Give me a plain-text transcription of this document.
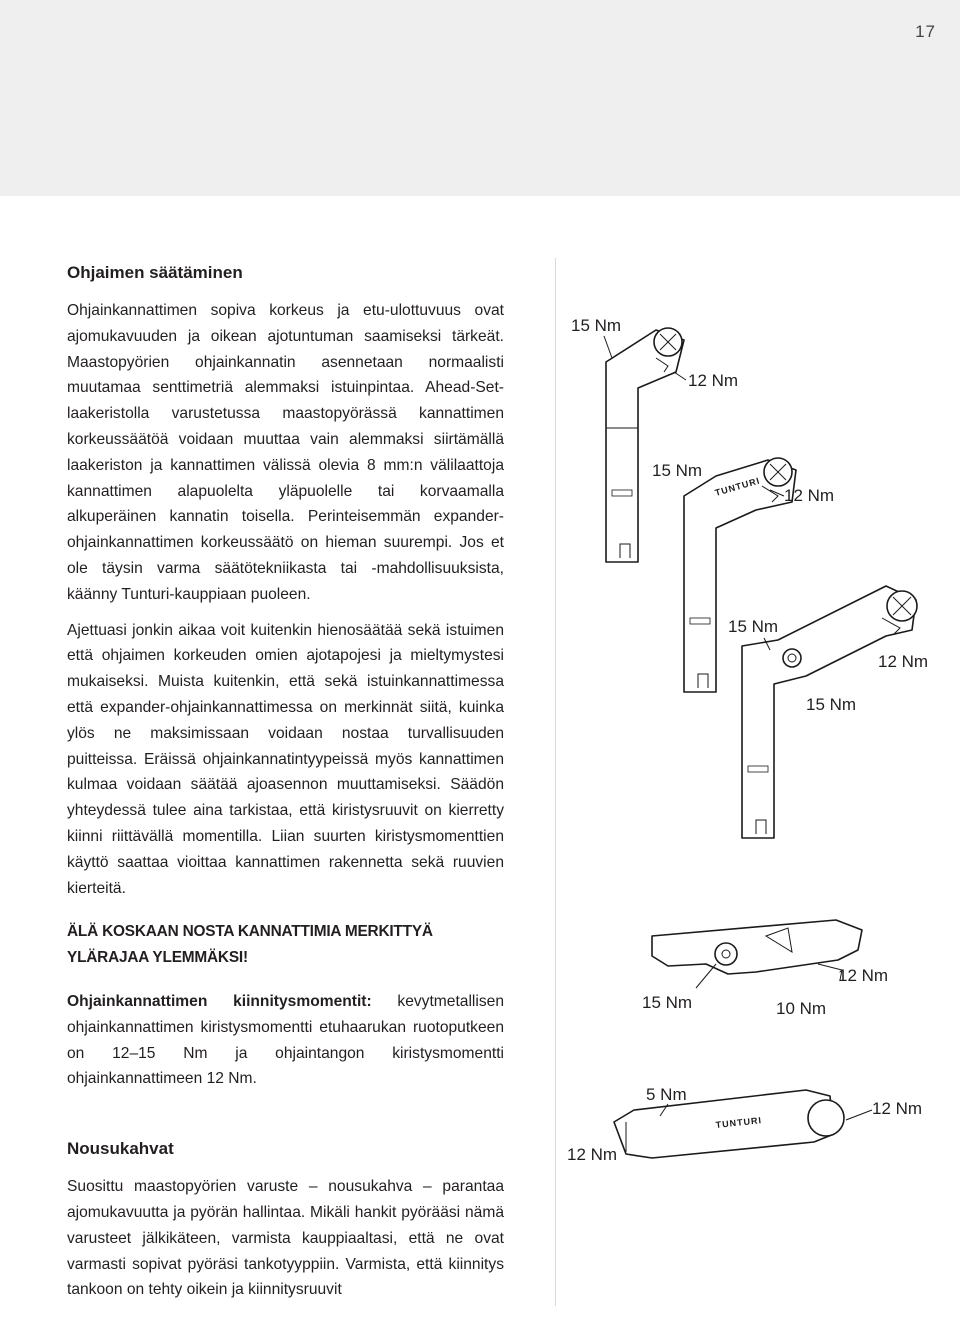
17
Ohjaimen säätäminen

Ohjainkannattimen sopiva korkeus ja etu-ulottuvuus ovat ajomukavuuden ja oikean ajotuntuman saamiseksi tärkeät. Maastopyörien ohjainkannatin asennetaan normaalisti muutamaa senttimetriä alemmaksi istuinpintaa. Ahead-Set-laakeristolla varustetussa maastopyörässä kannattimen korkeussäätöä voidaan muuttaa vain alemmaksi siirtämällä laakeriston ja kannattimen välissä olevia 8 mm:n välilaattoja kannattimen alapuolelta yläpuolelle tai korvaamalla alkuperäinen kannatin toisella. Perinteisemmän expander-ohjainkannattimen korkeussäätö on hieman suurempi. Jos et ole täysin varma säätötekniikasta tai -mahdollisuuksista, käänny Tunturi-kauppiaan puoleen.

Ajettuasi jonkin aikaa voit kuitenkin hienosäätää sekä istuimen että ohjaimen korkeuden omien ajotapojesi ja mieltymystesi mukaiseksi. Muista kuitenkin, että sekä istuinkannattimessa että expander-ohjainkannattimessa on merkinnät siitä, kuinka ylös ne maksimissaan voidaan nostaa turvallisuuden puitteissa. Eräissä ohjainkannatintyypeissä myös kannattimen kulmaa voidaan säätää ajoasennon muuttamiseksi. Säädön yhteydessä tulee aina tarkistaa, että kiristysruuvit on kierretty kiinni riittävällä momentilla. Liian suurten kiristysmomenttien käyttö saattaa vioittaa kannattimen rakennetta sekä ruuvien kierteitä.

ÄLÄ KOSKAAN NOSTA KANNATTIMIA MERKITTYÄ YLÄRAJAA YLEMMÄKSI!

Ohjainkannattimen kiinnitysmomentit: kevytmetallisen ohjainkannattimen kiristysmomentti etuhaarukan ruotoputkeen on 12–15 Nm ja ohjaintangon kiristysmomentti ohjainkannattimeen 12 Nm.

Nousukahvat

Suosittu maastopyörien varuste – nousukahva – parantaa ajomukavuutta ja pyörän hallintaa. Mikäli hankit pyörääsi nämä varusteet jälkikäteen, varmista kauppiaaltasi, että ne ovat varmasti sopivat pyöräsi tankotyyppiin. Varmista, että kiinnitys tankoon on tehty oikein ja kiinnitysruuvit

15 Nm
12 Nm
TUNTURI
15 Nm
12 Nm
15 Nm
12 Nm
15 Nm
15 Nm	10 Nm
12 Nm
TUNTURI
5 Nm
12 Nm
12 Nm
